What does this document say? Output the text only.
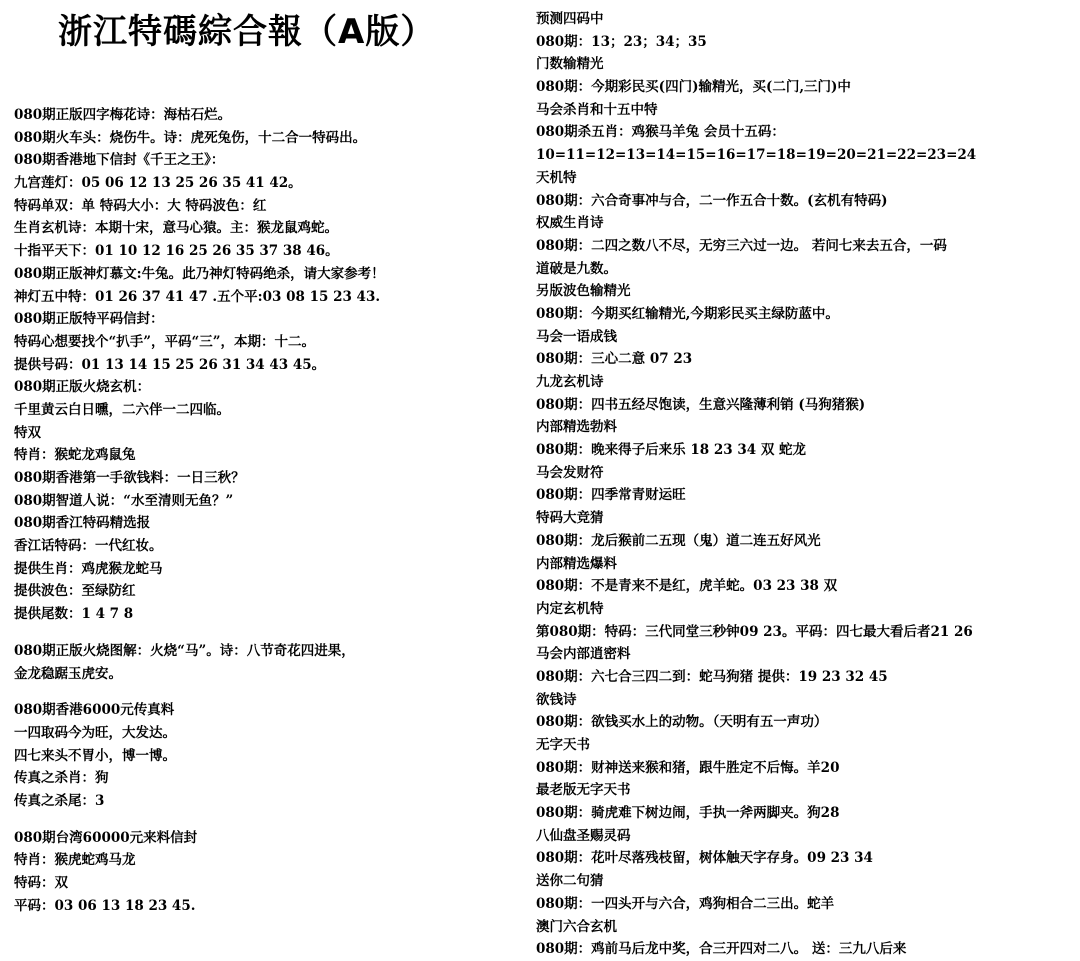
浙江特碼綜合報（A版）
080期正版四字梅花诗：海枯石烂。
080期火车头：烧伤牛。诗：虎死兔伤，十二合一特码出。
080期香港地下信封《千王之王》：
九宫莲灯：05 06 12 13 25 26 35 41 42。
特码单双：单 特码大小：大 特码波色：红
生肖玄机诗：本期十宋，意马心猿。主：猴龙鼠鸡蛇。
十指平天下：01 10 12 16 25 26 35 37 38 46。
080期正版神灯慕文:牛兔。此乃神灯特码绝杀，请大家参考！
神灯五中特：01 26 37 41 47 .五个平:03 08 15 23 43.
080期正版特平码信封：
特码心想要找个“扒手”，平码“三”，本期：十二。
提供号码：01 13 14 15 25 26 31 34 43 45。
080期正版火烧玄机：
千里黄云白日曛，二六伴一二四临。
特双
特肖：猴蛇龙鸡鼠兔
080期香港第一手欲钱料：一日三秋？
080期智道人说：“水至清则无鱼？”
080期香江特码精选报
香江话特码：一代红妆。
提供生肖：鸡虎猴龙蛇马
提供波色：至绿防红
提供尾数：1 4 7 8
080期正版火烧图解：火烧“马”。诗：八节奇花四进果，
金龙稳踞玉虎安。
080期香港6000元传真料
一四取码今为旺，大发达。
四七来头不胃小，博一博。
传真之杀肖：狗
传真之杀尾：3
080期台湾60000元来料信封
特肖：猴虎蛇鸡马龙
特码：双
平码：03 06 13 18 23 45.
预测四码中
080期：13；23；34；35
门数输精光
080期：今期彩民买(四门)输精光，买(二门,三门)中
马会杀肖和十五中特
080期杀五肖：鸡猴马羊兔 会员十五码：
10=11=12=13=14=15=16=17=18=19=20=21=22=23=24
天机特
080期：六合奇事冲与合，二一作五合十数。(玄机有特码)
权威生肖诗
080期：二四之数八不尽，无穷三六过一边。 若问七来去五合，一码
道破是九数。
另版波色输精光
080期：今期买红输精光,今期彩民买主绿防蓝中。
马会一语成钱
080期：三心二意 07 23
九龙玄机诗
080期：四书五经尽饱读，生意兴隆薄利销 (马狗猪猴)
内部精选勃料
080期：晚来得子后来乐 18 23 34 双 蛇龙
马会发财符
080期：四季常青财运旺
特码大竞猜
080期：龙后猴前二五现（鬼）道二连五好风光
内部精选爆料
080期：不是青来不是红，虎羊蛇。03 23 38 双
内定玄机特
第080期：特码：三代同堂三秒钟09 23。平码：四七最大看后者21 26
马会内部逍密料
080期：六七合三四二到：蛇马狗猪 提供：19 23 32 45
欲钱诗
080期：欲钱买水上的动物。（天明有五一声功）
无字天书
080期：财神送来猴和猪，跟牛胜定不后悔。羊20
最老版无字天书
080期：骑虎难下树边闹，手执一斧两脚夹。狗28
八仙盘圣赐灵码
080期：花叶尽落残枝留，树体触天字存身。09 23 34
送你二句猜
080期：一四头开与六合，鸡狗相合二三出。蛇羊
澳门六合玄机
080期：鸡前马后龙中奖，合三开四对二八。 送：三九八后来
